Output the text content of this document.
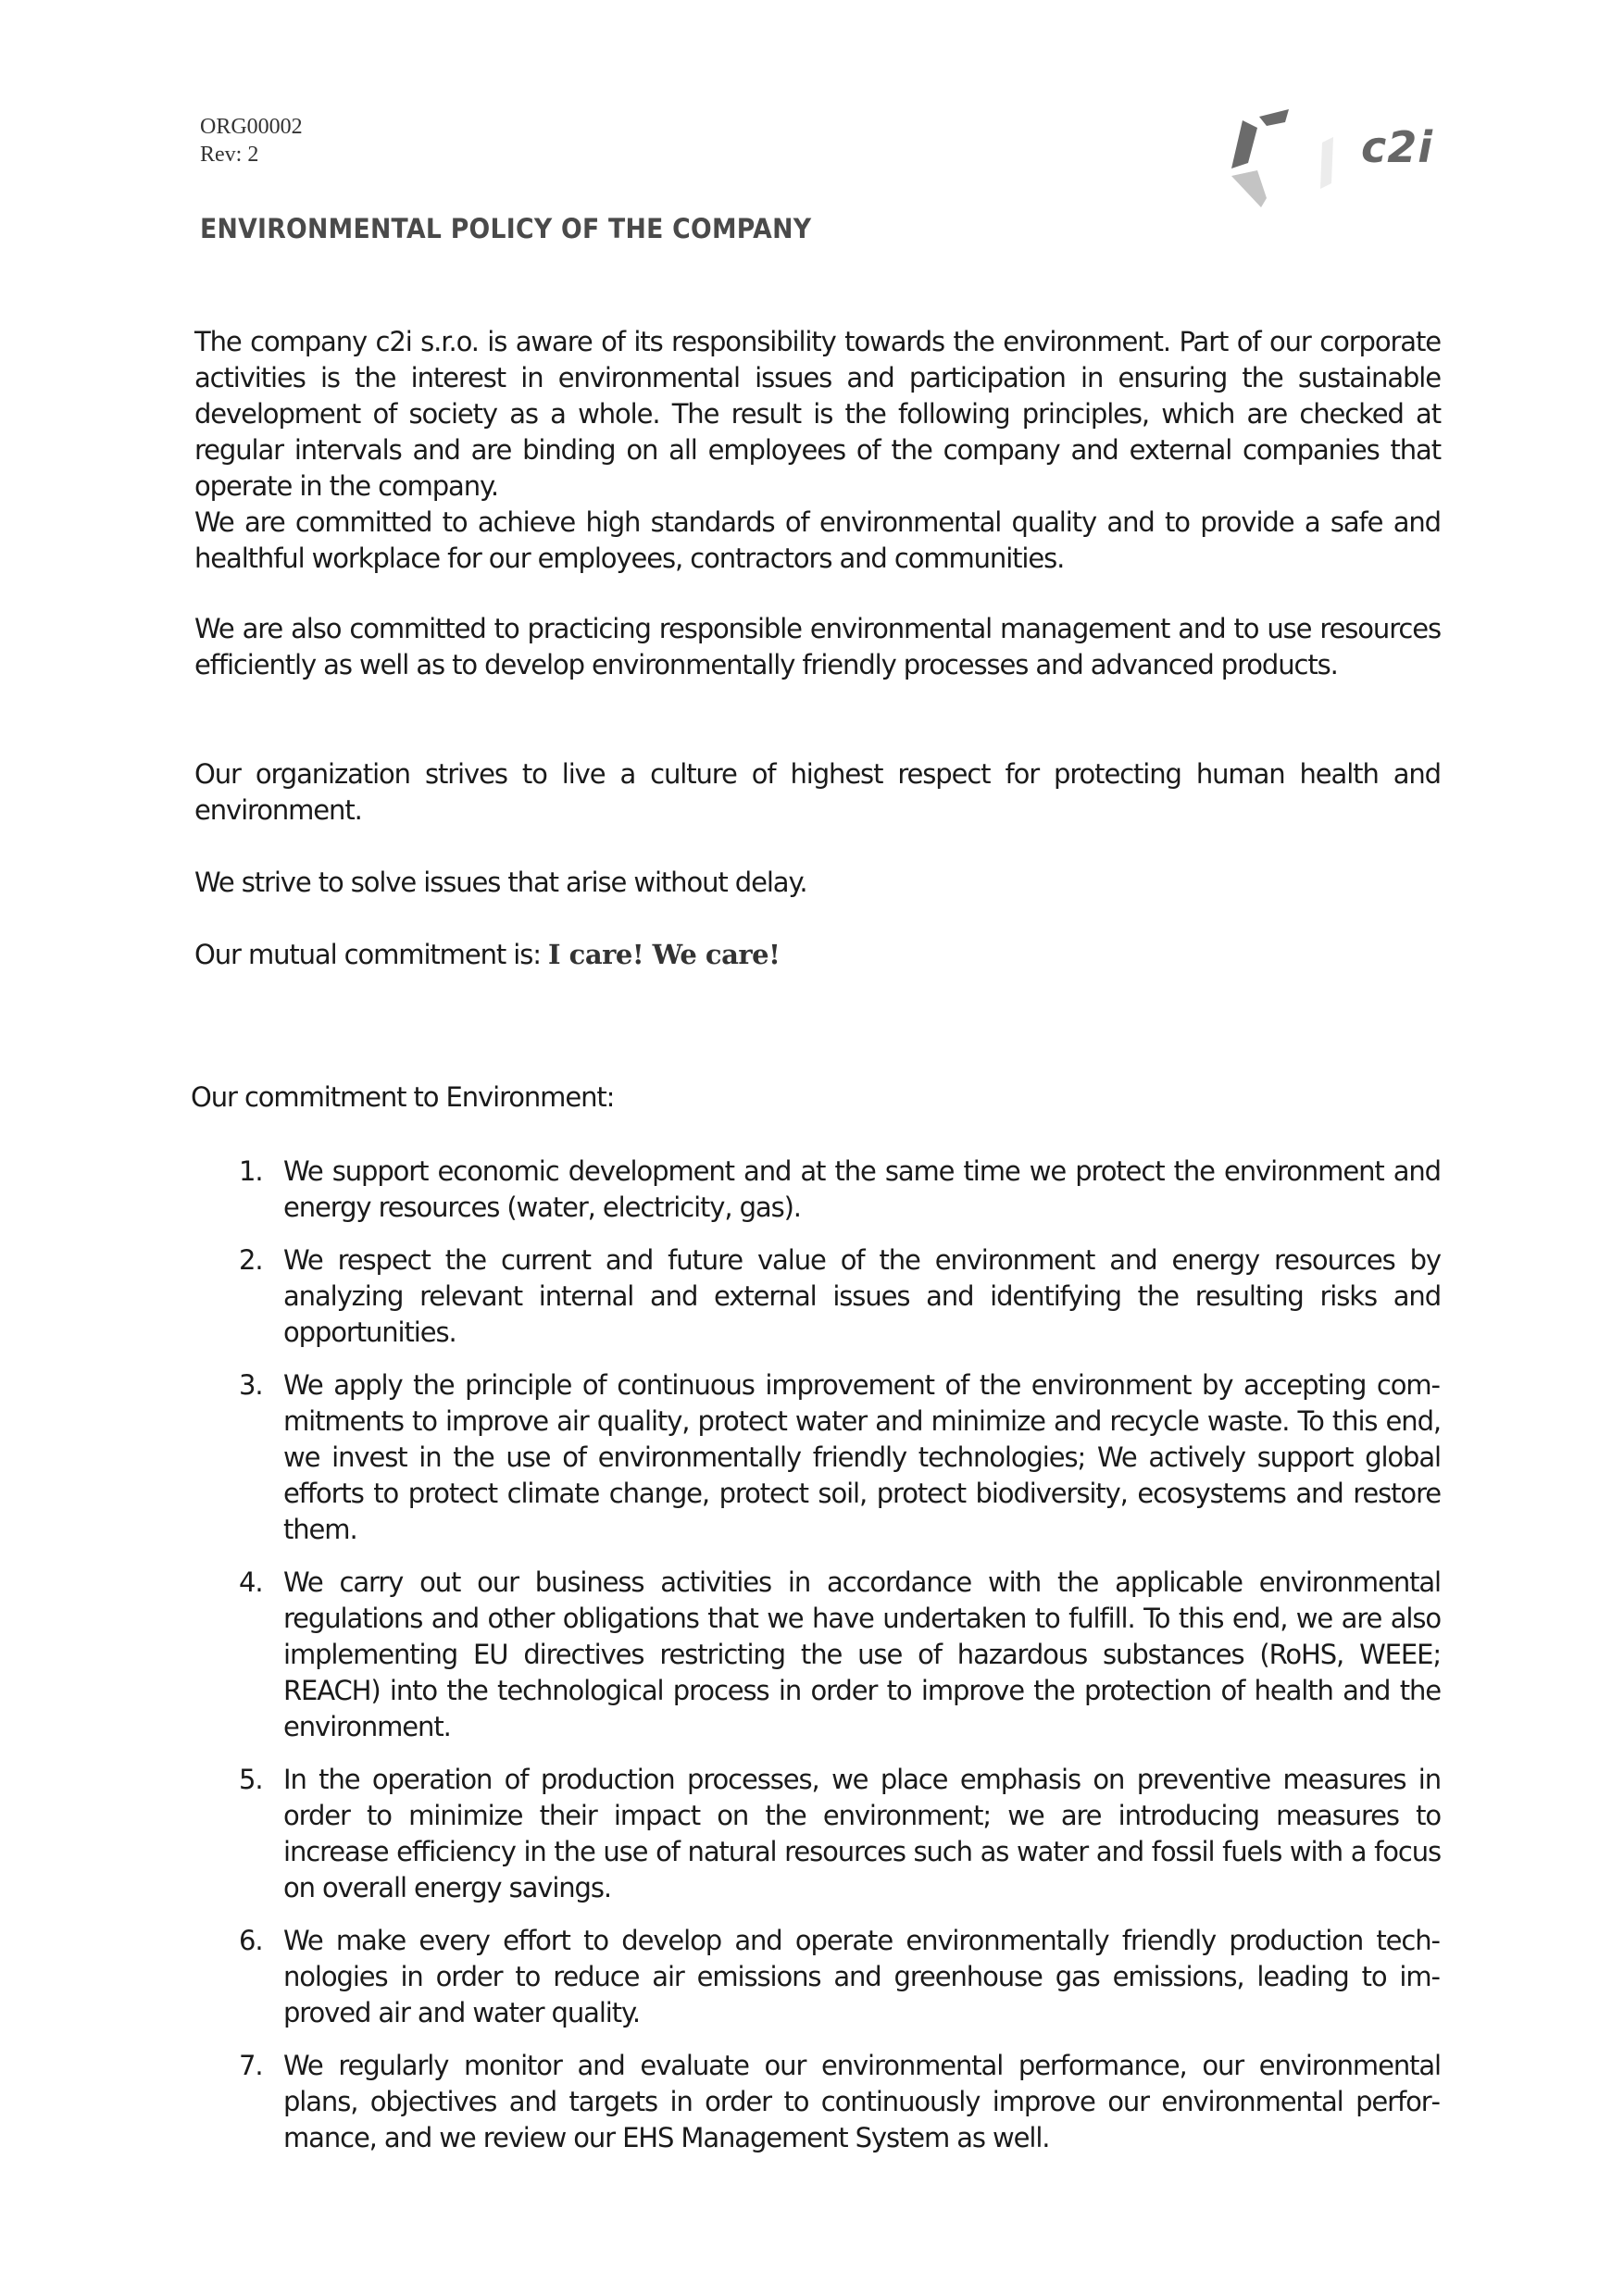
ORG00002
Rev: 2	c2i
ENVIRONMENTAL POLICY OF THE COMPANY

The company c2i s.r.o. is aware of its responsibility towards the environment. Part of our corporate activities is the interest in environmental issues and participation in ensuring the sustainable development of society as a whole. The result is the following principles, which are checked at regular intervals and are binding on all employees of the company and external companies that operate in the company.

We are committed to achieve high standards of environmental quality and to provide a safe and healthful workplace for our employees, contractors and communities.

We are also committed to practicing responsible environmental management and to use resources efficiently as well as to develop environmentally friendly processes and advanced products.

Our organization strives to live a culture of highest respect for protecting human health and environment.

We strive to solve issues that arise without delay.

Our mutual commitment is: I care! We care!

Our commitment to Environment:

1. We support economic development and at the same time we protect the environment and energy resources (water, electricity, gas).
2. We respect the current and future value of the environment and energy resources by analyzing relevant internal and external issues and identifying the resulting risks and opportunities.
3. We apply the principle of continuous improvement of the environment by accepting commitments to improve air quality, protect water and minimize and recycle waste. To this end, we invest in the use of environmentally friendly technologies; We actively support global efforts to protect climate change, protect soil, protect biodiversity, ecosystems and restore them.
4. We carry out our business activities in accordance with the applicable environmental regulations and other obligations that we have undertaken to fulfill. To this end, we are also implementing EU directives restricting the use of hazardous substances (RoHS, WEEE; REACH) into the technological process in order to improve the protection of health and the environment.
5. In the operation of production processes, we place emphasis on preventive measures in order to minimize their impact on the environment; we are introducing measures to increase efficiency in the use of natural resources such as water and fossil fuels with a focus on overall energy savings.
6. We make every effort to develop and operate environmentally friendly production technologies in order to reduce air emissions and greenhouse gas emissions, leading to improved air and water quality.
7. We regularly monitor and evaluate our environmental performance, our environmental plans, objectives and targets in order to continuously improve our environmental performance, and we review our EHS Management System as well.
